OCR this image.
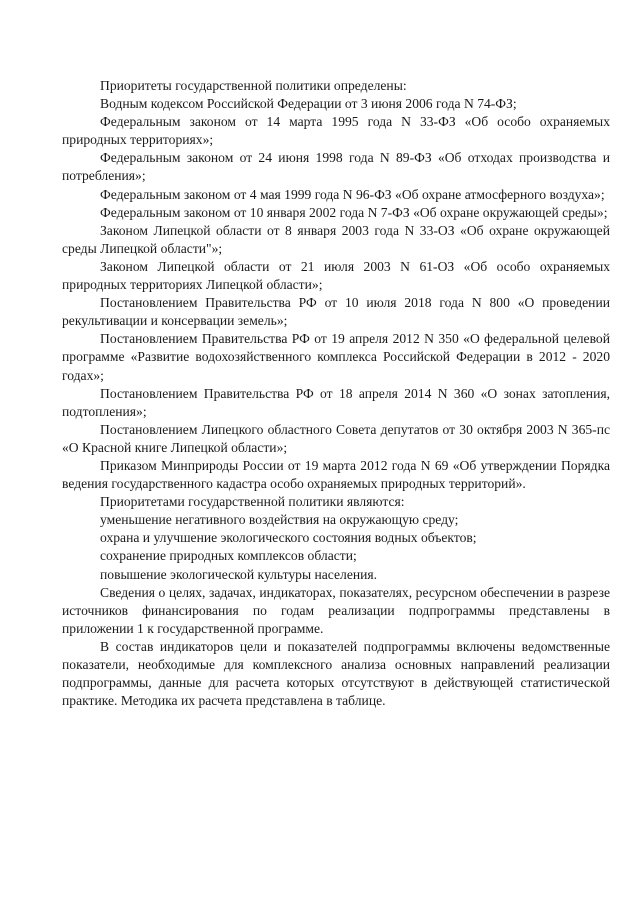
Приоритеты государственной политики определены:

Водным кодексом Российской Федерации от 3 июня 2006 года N 74-ФЗ;

Федеральным законом от 14 марта 1995 года N 33-ФЗ «Об особо охраняемых природных территориях»;

Федеральным законом от 24 июня 1998 года N 89-ФЗ «Об отходах производства и потребления»;

Федеральным законом от 4 мая 1999 года N 96-ФЗ «Об охране атмосферного воздуха»;

Федеральным законом от 10 января 2002 года N 7-ФЗ «Об охране окружающей среды»;

Законом Липецкой области от 8 января 2003 года N 33-ОЗ «Об охране окружающей среды Липецкой области"»;

Законом Липецкой области от 21 июля 2003 N 61-ОЗ «Об особо охраняемых природных территориях Липецкой области»;

Постановлением Правительства РФ от 10 июля 2018 года N 800 «О проведении рекультивации и консервации земель»;

Постановлением Правительства РФ от 19 апреля 2012 N 350 «О федеральной целевой программе «Развитие водохозяйственного комплекса Российской Федерации в 2012 - 2020 годах»;

Постановлением Правительства РФ от 18 апреля 2014 N 360 «О зонах затопления, подтопления»;

Постановлением Липецкого областного Совета депутатов от 30 октября 2003 N 365-пс «О Красной книге Липецкой области»;

Приказом Минприроды России от 19 марта 2012 года N 69 «Об утверждении Порядка ведения государственного кадастра особо охраняемых природных территорий».

Приоритетами государственной политики являются:

уменьшение негативного воздействия на окружающую среду;

охрана и улучшение экологического состояния водных объектов;

сохранение природных комплексов области;

повышение экологической культуры населения.

Сведения о целях, задачах, индикаторах, показателях, ресурсном обеспечении в разрезе источников финансирования по годам реализации подпрограммы представлены в приложении 1 к государственной программе.

В состав индикаторов цели и показателей подпрограммы включены ведомственные показатели, необходимые для комплексного анализа основных направлений реализации подпрограммы, данные для расчета которых отсутствуют в действующей статистической практике. Методика их расчета представлена в таблице.
